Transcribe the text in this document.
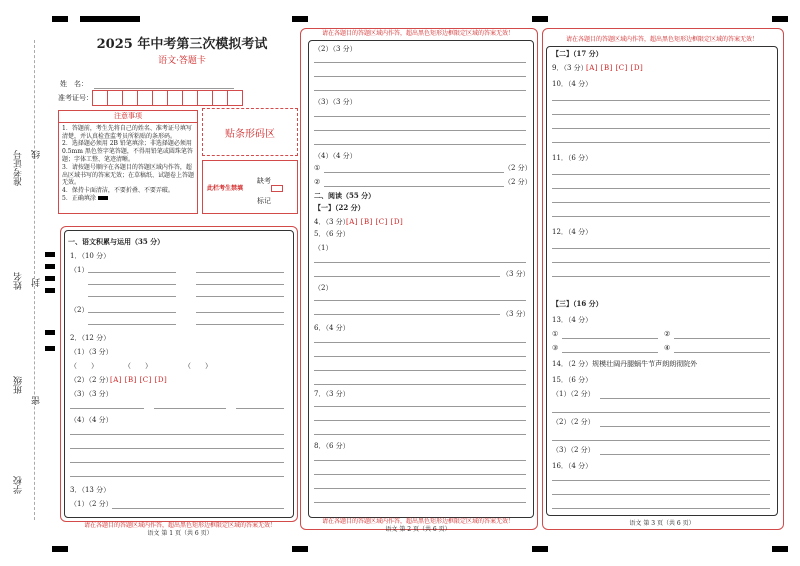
准考证号 线
姓名 封
班级
密
学校
2025 年中考第三次模拟考试
语文·答题卡
姓　名：
准考证号：
注意事项
1．答题前，考生先将自己的姓名、准考证号填写清楚，并认真检查监考员所粘贴的条形码。
2．选择题必须用 2B 铅笔填涂；非选择题必须用0.5mm 黑色签字笔答题，不得用铅笔或圆珠笔答题；字体工整、笔迹清晰。
3．请按题号顺序在各题目的答题区域内作答，超出区域书写的答案无效；在草稿纸、试题卷上答题无效。
4．保持卡面清洁，不要折叠、不要弄破。
5．正确填涂
贴条形码区
缺考
此栏考生禁填
标记
一、语文积累与运用（35 分）
1．（10 分）
（1）
（2）
2．（12 分）
（1）（3 分）
（　　）	（　　）	（　　）
（2）（2 分）
[A] [B] [C] [D]
（3）（3 分）
（4）（4 分）
3．（13 分）
（1）（2 分）
请在各题目的答题区域内作答，超出黑色矩形边框限定区域的答案无效！
语文 第 1 页（共 6 页）
请在各题目的答题区域内作答，超出黑色矩形边框限定区域的答案无效！
（2）（3 分）
（3）（3 分）
（4）（4 分）
①	（2 分）
②	（2 分）
二、阅读（55 分）
【一】（22 分）
4．（3 分）
[A] [B] [C] [D]
5．（6 分）
（1）
（3 分）
（2）
（3 分）
6．（4 分）
7．（3 分）
8．（6 分）
请在各题目的答题区域内作答，超出黑色矩形边框限定区域的答案无效！
语文 第 2 页（共 6 页）
请在各题目的答题区域内作答，超出黑色矩形边框限定区域的答案无效！
【二】（17 分）
9．（3 分）
[A] [B] [C] [D]
10．（4 分）
11．（6 分）
12．（4 分）
【三】（16 分）
13．（4 分）
①	②
③	④
14．（2 分）规模壮阔丹腿蜗牛节声朗朗彻院外
15．（6 分）
（1）（2 分）
（2）（2 分）
（3）（2 分）
16．（4 分）
语文 第 3 页（共 6 页）
